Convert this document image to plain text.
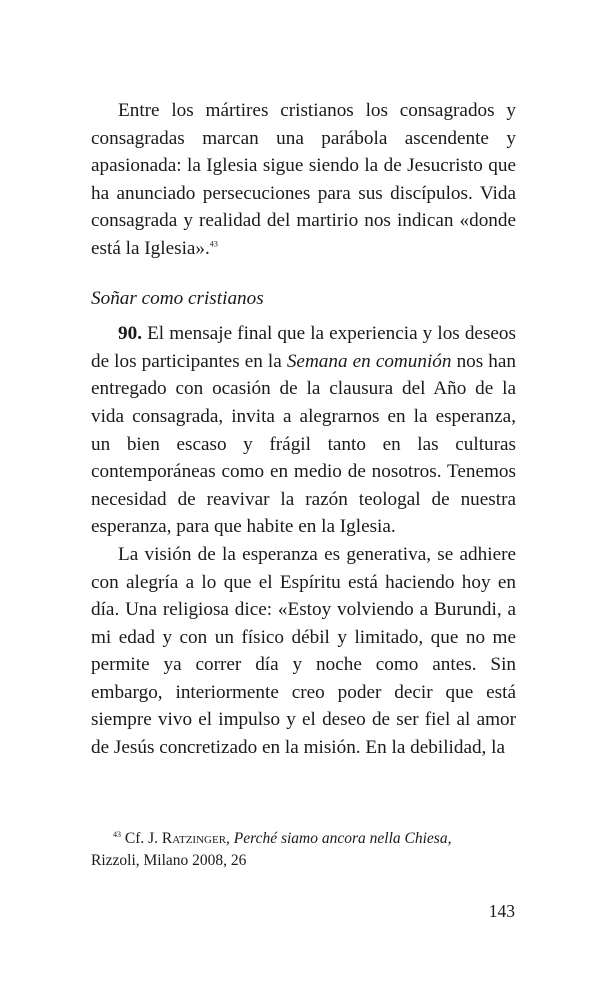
Entre los mártires cristianos los consagrados y consagradas marcan una parábola ascendente y apasionada: la Iglesia sigue siendo la de Jesucristo que ha anunciado persecuciones para sus discípulos. Vida consagrada y realidad del martirio nos indican «donde está la Iglesia».$^{43}$

Soñar como cristianos

90. El mensaje final que la experiencia y los deseos de los participantes en la Semana en comunión nos han entregado con ocasión de la clausura del Año de la vida consagrada, invita a alegrarnos en la esperanza, un bien escaso y frágil tanto en las culturas contemporáneas como en medio de nosotros. Tenemos necesidad de reavivar la razón teologal de nuestra esperanza, para que habite en la Iglesia.

La visión de la esperanza es generativa, se adhiere con alegría a lo que el Espíritu está haciendo hoy en día. Una religiosa dice: «Estoy volviendo a Burundi, a mi edad y con un físico débil y limitado, que no me permite ya correr día y noche como antes. Sin embargo, interiormente creo poder decir que está siempre vivo el impulso y el deseo de ser fiel al amor de Jesús concretizado en la misión. En la debilidad, la

$^{43}$ Cf. J. Ratzinger, Perché siamo ancora nella Chiesa,
Rizzoli, Milano 2008, 26
143
